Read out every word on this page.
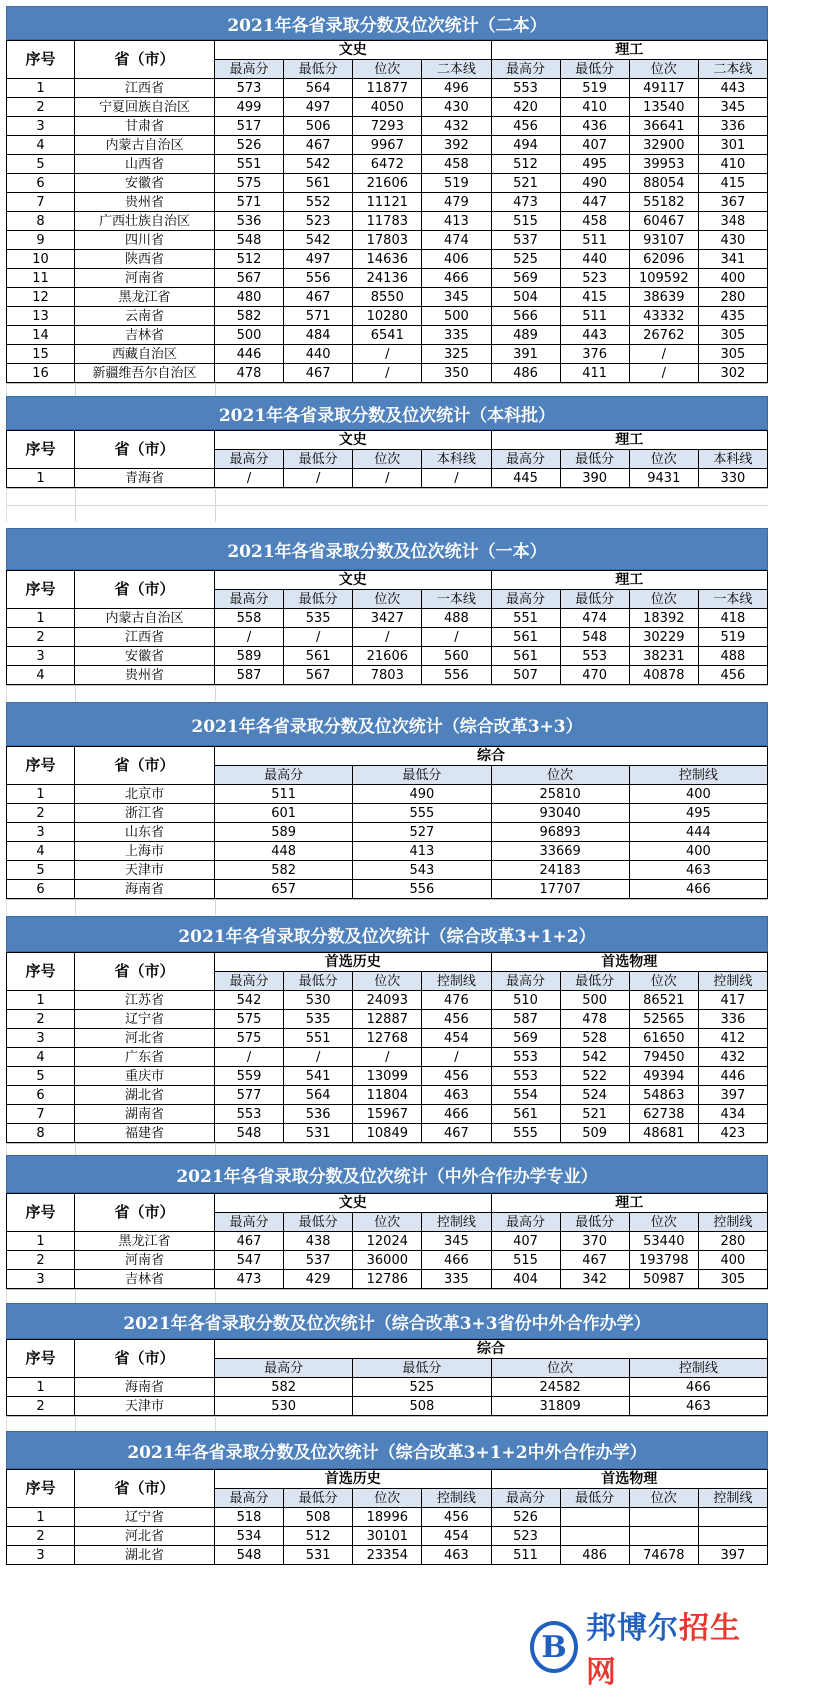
2021年各省录取分数及位次统计（二本）
序号	省（市）	文史				理工			
		最高分	最低分	位次	二本线	最高分	最低分	位次	二本线
1	江西省	573	564	11877	496	553	519	49117	443
2	宁夏回族自治区	499	497	4050	430	420	410	13540	345
3	甘肃省	517	506	7293	432	456	436	36641	336
4	内蒙古自治区	526	467	9967	392	494	407	32900	301
5	山西省	551	542	6472	458	512	495	39953	410
6	安徽省	575	561	21606	519	521	490	88054	415
7	贵州省	571	552	11121	479	473	447	55182	367
8	广西壮族自治区	536	523	11783	413	515	458	60467	348
9	四川省	548	542	17803	474	537	511	93107	430
10	陕西省	512	497	14636	406	525	440	62096	341
11	河南省	567	556	24136	466	569	523	109592	400
12	黑龙江省	480	467	8550	345	504	415	38639	280
13	云南省	582	571	10280	500	566	511	43332	435
14	吉林省	500	484	6541	335	489	443	26762	305
15	西藏自治区	446	440	/	325	391	376	/	305
16	新疆维吾尔自治区	478	467	/	350	486	411	/	302
2021年各省录取分数及位次统计（本科批）
序号	省（市）	文史				理工			
		最高分	最低分	位次	本科线	最高分	最低分	位次	本科线
1	青海省	/	/	/	/	445	390	9431	330
2021年各省录取分数及位次统计（一本）
序号	省（市）	文史				理工			
		最高分	最低分	位次	一本线	最高分	最低分	位次	一本线
1	内蒙古自治区	558	535	3427	488	551	474	18392	418
2	江西省	/	/	/	/	561	548	30229	519
3	安徽省	589	561	21606	560	561	553	38231	488
4	贵州省	587	567	7803	556	507	470	40878	456
2021年各省录取分数及位次统计（综合改革3+3）
序号	省（市）	综合			
		最高分	最低分	位次	控制线
1	北京市	511	490	25810	400
2	浙江省	601	555	93040	495
3	山东省	589	527	96893	444
4	上海市	448	413	33669	400
5	天津市	582	543	24183	463
6	海南省	657	556	17707	466
2021年各省录取分数及位次统计（综合改革3+1+2）
序号	省（市）	首选历史				首选物理			
		最高分	最低分	位次	控制线	最高分	最低分	位次	控制线
1	江苏省	542	530	24093	476	510	500	86521	417
2	辽宁省	575	535	12887	456	587	478	52565	336
3	河北省	575	551	12768	454	569	528	61650	412
4	广东省	/	/	/	/	553	542	79450	432
5	重庆市	559	541	13099	456	553	522	49394	446
6	湖北省	577	564	11804	463	554	524	54863	397
7	湖南省	553	536	15967	466	561	521	62738	434
8	福建省	548	531	10849	467	555	509	48681	423
2021年各省录取分数及位次统计（中外合作办学专业）
序号	省（市）	文史				理工			
		最高分	最低分	位次	控制线	最高分	最低分	位次	控制线
1	黑龙江省	467	438	12024	345	407	370	53440	280
2	河南省	547	537	36000	466	515	467	193798	400
3	吉林省	473	429	12786	335	404	342	50987	305
2021年各省录取分数及位次统计（综合改革3+3省份中外合作办学）
序号	省（市）	综合			
		最高分	最低分	位次	控制线
1	海南省	582	525	24582	466
2	天津市	530	508	31809	463
2021年各省录取分数及位次统计（综合改革3+1+2中外合作办学）
序号	省（市）	首选历史				首选物理			
		最高分	最低分	位次	控制线	最高分	最低分	位次	控制线
1	辽宁省	518	508	18996	456	526			
2	河北省	534	512	30101	454	523			
3	湖北省	548	531	23354	463	511	486	74678	397
B
邦博尔招生网
